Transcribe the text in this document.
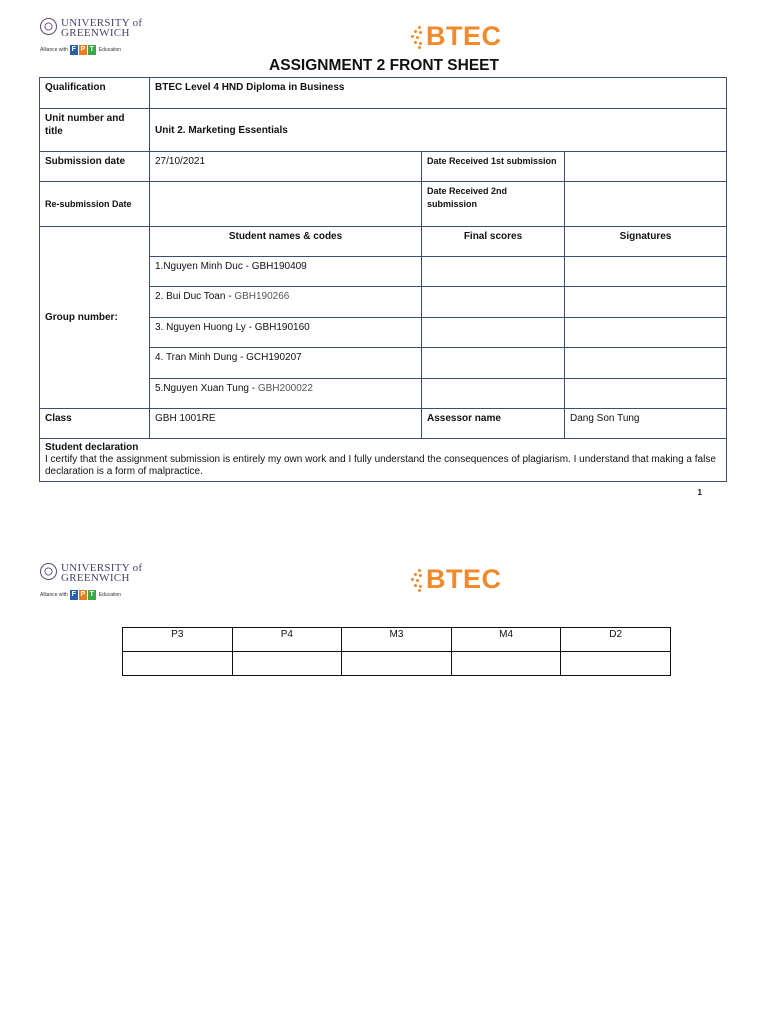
UNIVERSITY of
GREENWICH
Alliance with F P T Education	BTEC
ASSIGNMENT 2 FRONT SHEET
Qualification	BTEC Level 4 HND Diploma in Business		
Unit number and title	Unit 2. Marketing Essentials		
Submission date	27/10/2021	Date Received 1st submission	
Re-submission Date		Date Received 2nd submission	
Group number:	Student names & codes	Final scores	Signatures
	1.Nguyen Minh Duc - GBH190409		
	2. Bui Duc Toan - GBH190266		
	3. Nguyen Huong Ly - GBH190160		
	4. Tran Minh Dung - GCH190207		
	5.Nguyen Xuan Tung - GBH200022		
Class	GBH 1001RE	Assessor name	Dang Son Tung

Student declaration
I certify that the assignment submission is entirely my own work and I fully understand the consequences of plagiarism. I understand that making a false declaration is a form of malpractice.			
1
UNIVERSITY of
GREENWICH
Alliance with F P T Education
BTEC
P3	P4	M3	M4	D2
